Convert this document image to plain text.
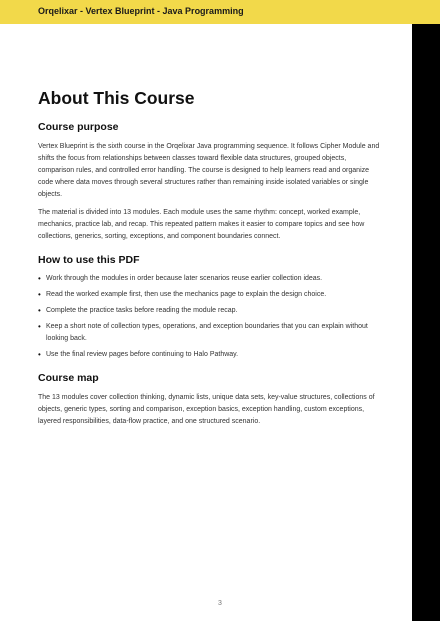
Orqelixar - Vertex Blueprint - Java Programming
About This Course
Course purpose

Vertex Blueprint is the sixth course in the Orqelixar Java programming sequence. It follows Cipher Module and shifts the focus from relationships between classes toward flexible data structures, grouped objects, comparison rules, and controlled error handling. The course is designed to help learners read and organize code where data moves through several structures rather than remaining inside isolated variables or single objects.

The material is divided into 13 modules. Each module uses the same rhythm: concept, worked example, mechanics, practice lab, and recap. This repeated pattern makes it easier to compare topics and see how collections, generics, sorting, exceptions, and component boundaries connect.

How to use this PDF
• Work through the modules in order because later scenarios reuse earlier collection ideas.
• Read the worked example first, then use the mechanics page to explain the design choice.
• Complete the practice tasks before reading the module recap.
• Keep a short note of collection types, operations, and exception boundaries that you can explain without looking back.
• Use the final review pages before continuing to Halo Pathway.
Course map

The 13 modules cover collection thinking, dynamic lists, unique data sets, key-value structures, collections of objects, generic types, sorting and comparison, exception basics, exception handling, custom exceptions, layered responsibilities, data-flow practice, and one structured scenario.

3
